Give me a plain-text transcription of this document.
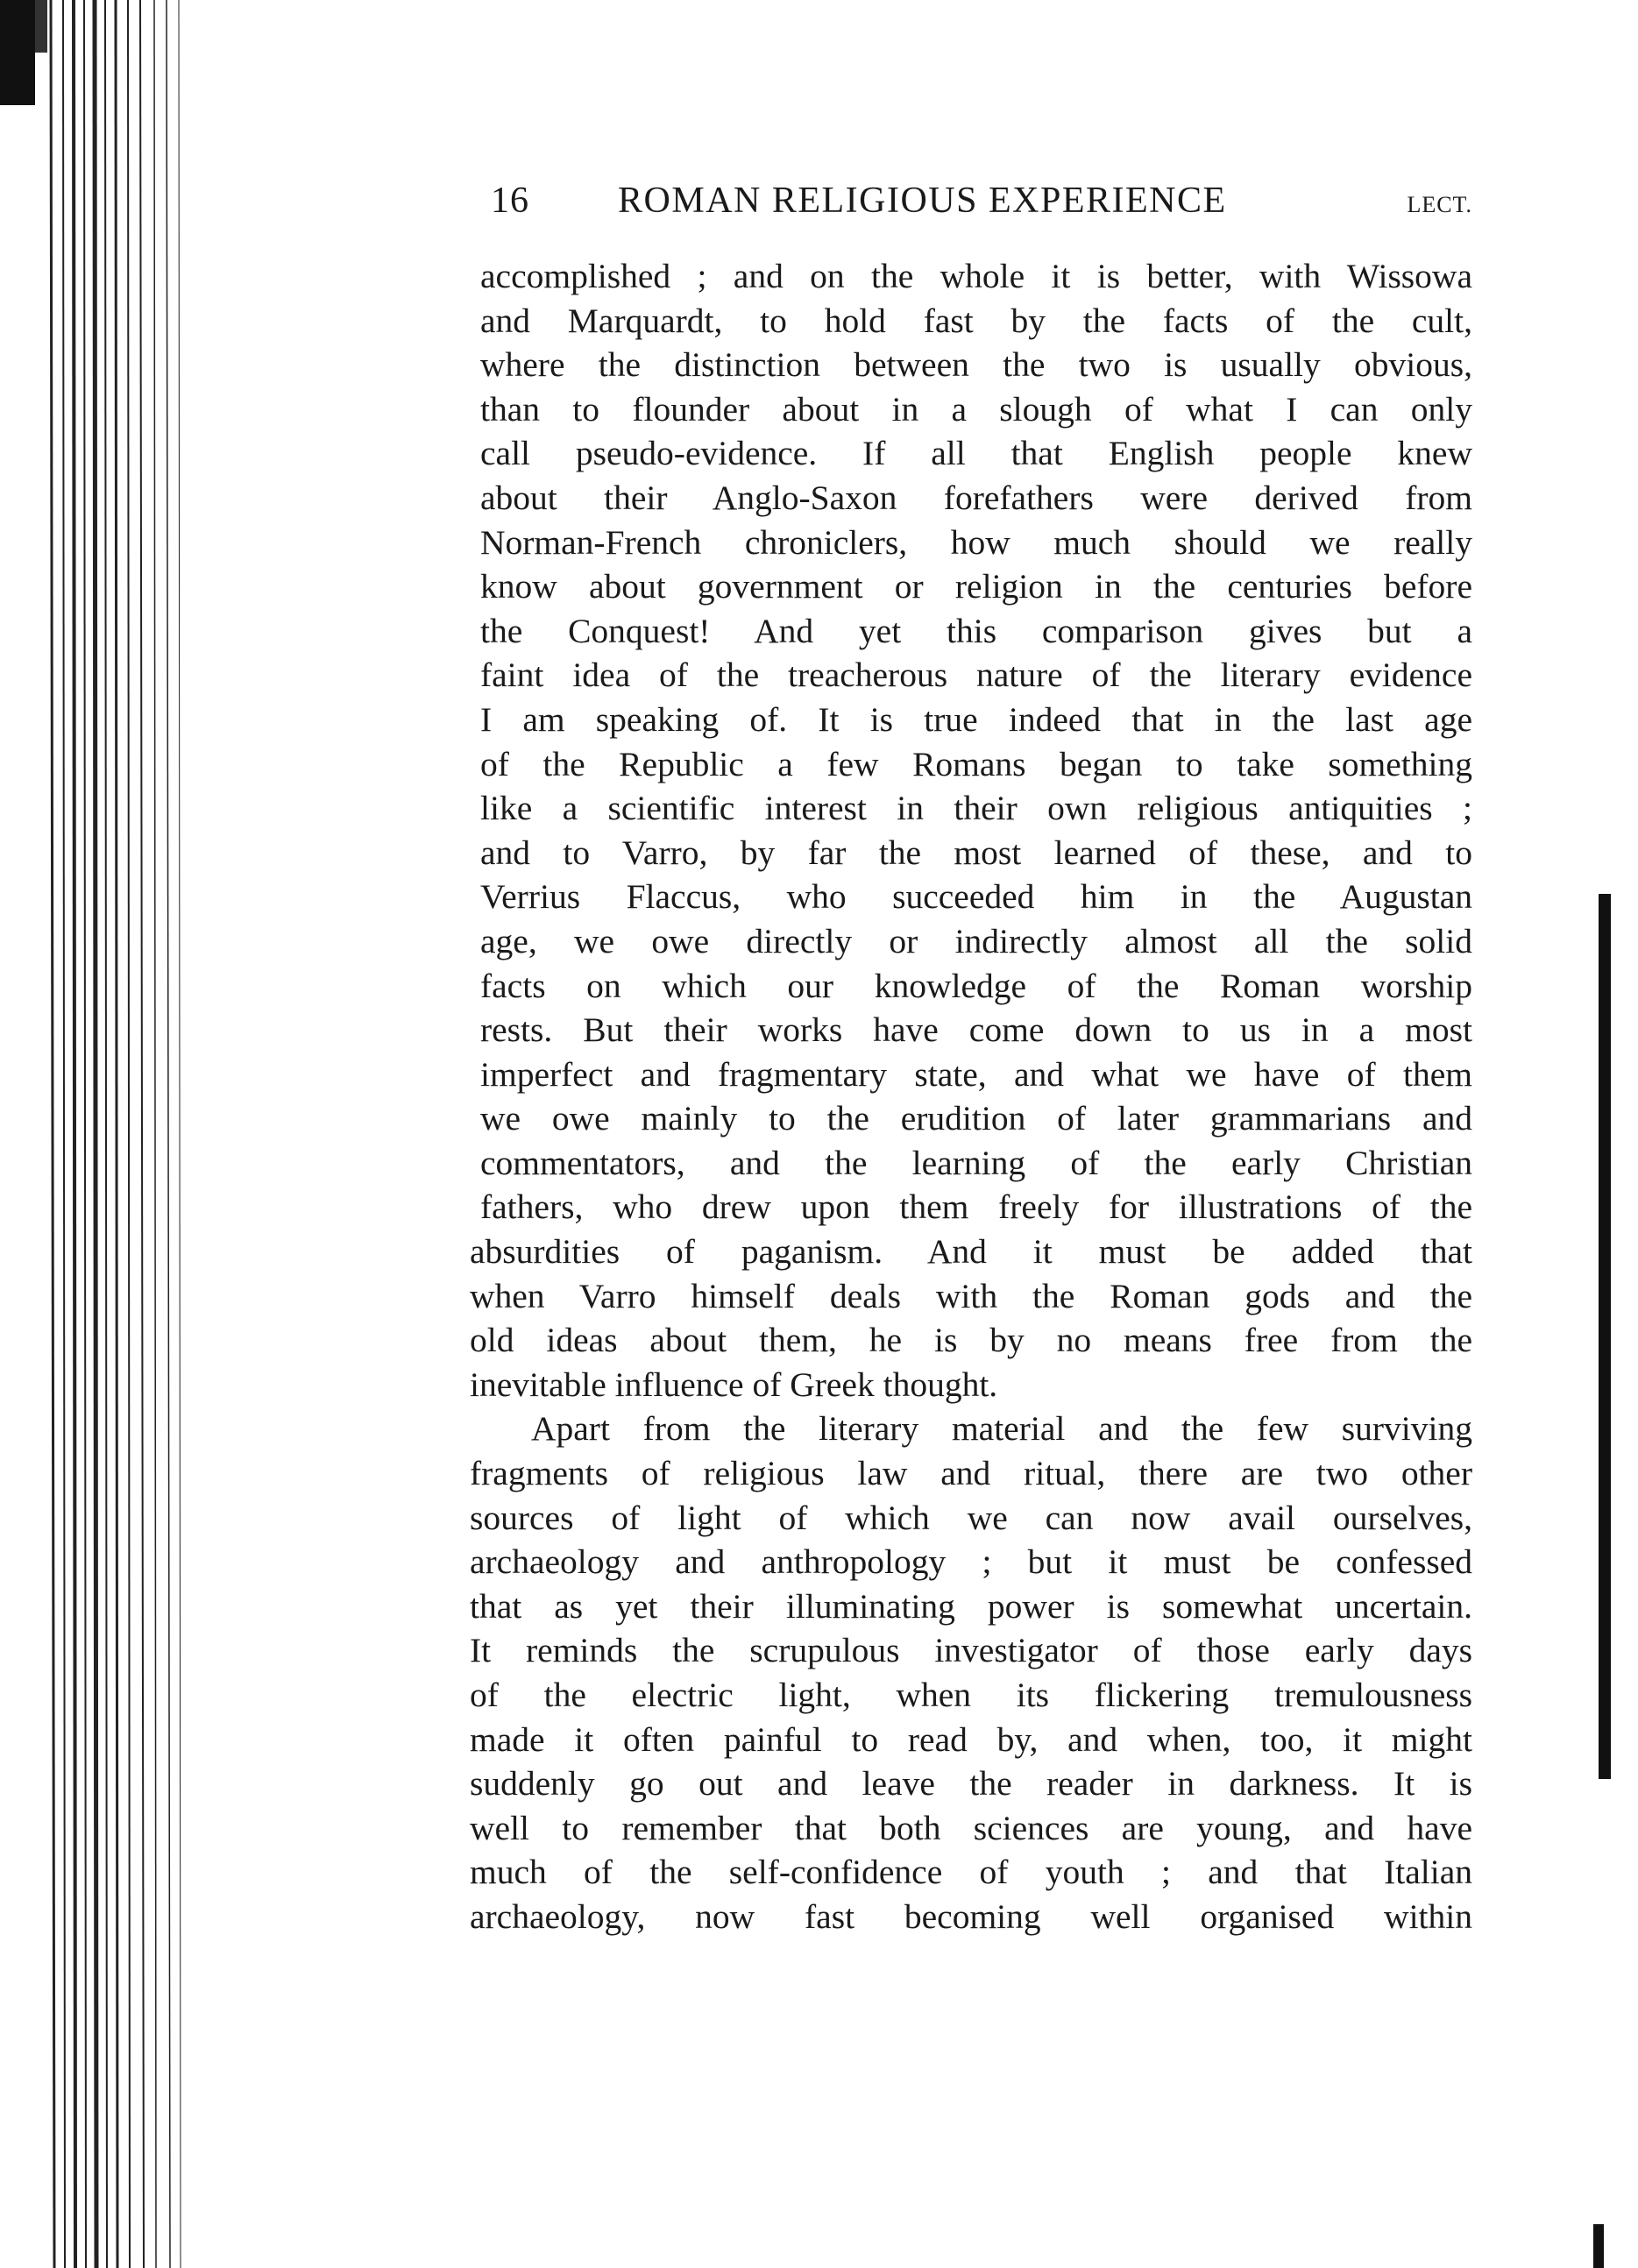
16 ROMAN RELIGIOUS EXPERIENCE	LECT.
accomplished ; and on the whole it is better, with Wissowa
and Marquardt, to hold fast by the facts of the cult,
where the distinction between the two is usually obvious,
than to flounder about in a slough of what I can only
call pseudo-evidence. If all that English people knew
about their Anglo-Saxon forefathers were derived from
Norman-French chroniclers, how much should we really
know about government or religion in the centuries before
the Conquest! And yet this comparison gives but a
faint idea of the treacherous nature of the literary evidence
I am speaking of. It is true indeed that in the last age
of the Republic a few Romans began to take something
like a scientific interest in their own religious antiquities ;
and to Varro, by far the most learned of these, and to
Verrius Flaccus, who succeeded him in the Augustan
age, we owe directly or indirectly almost all the solid
facts on which our knowledge of the Roman worship
rests. But their works have come down to us in a most
imperfect and fragmentary state, and what we have of them
we owe mainly to the erudition of later grammarians and
commentators, and the learning of the early Christian
fathers, who drew upon them freely for illustrations of the
absurdities of paganism. And it must be added that
when Varro himself deals with the Roman gods and the
old ideas about them, he is by no means free from the
inevitable influence of Greek thought.
Apart from the literary material and the few surviving
fragments of religious law and ritual, there are two other
sources of light of which we can now avail ourselves,
archaeology and anthropology ; but it must be confessed
that as yet their illuminating power is somewhat uncertain.
It reminds the scrupulous investigator of those early days
of the electric light, when its flickering tremulousness
made it often painful to read by, and when, too, it might
suddenly go out and leave the reader in darkness. It is
well to remember that both sciences are young, and have
much of the self-confidence of youth ; and that Italian
archaeology, now fast becoming well organised within
